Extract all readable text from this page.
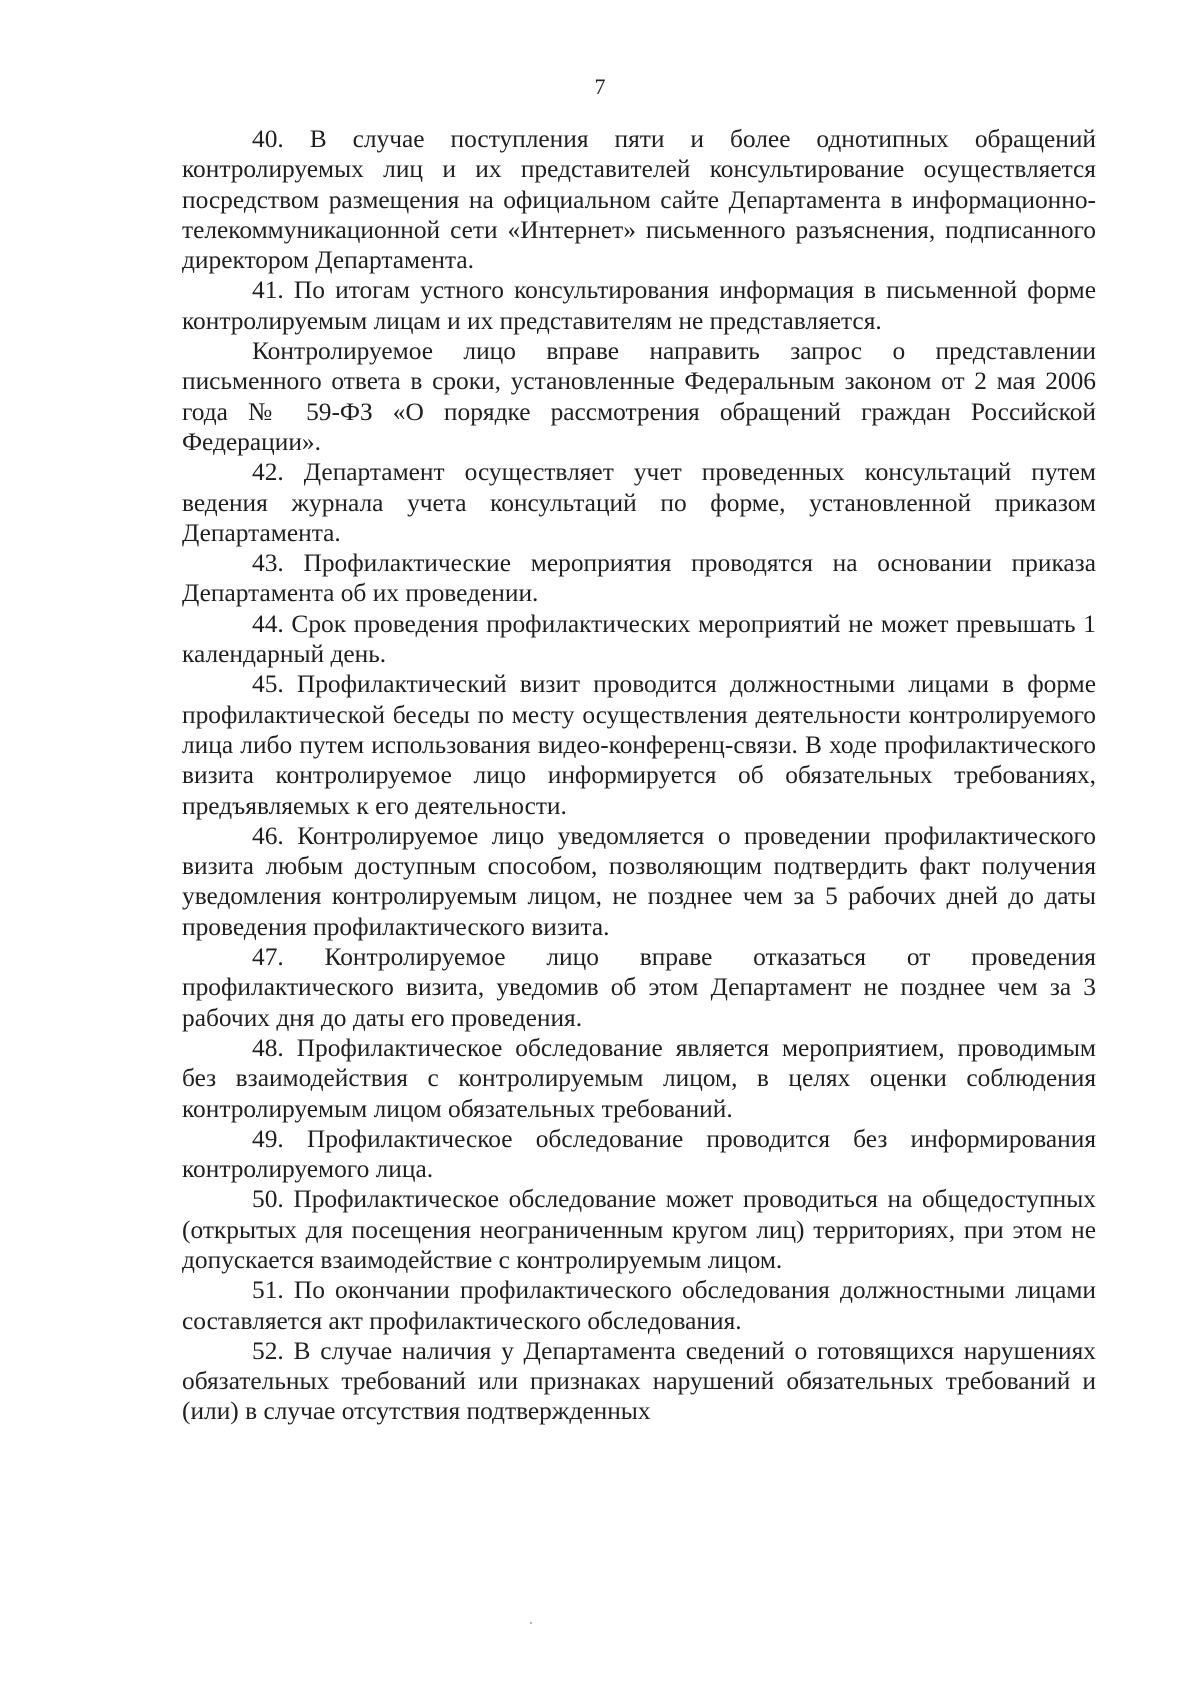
7

40. В случае поступления пяти и более однотипных обращений контролируемых лиц и их представителей консультирование осуществляется посредством размещения на официальном сайте Департамента в информационно-телекоммуникационной сети «Интернет» письменного разъяснения, подписанного директором Департамента.

41. По итогам устного консультирования информация в письменной форме контролируемым лицам и их представителям не представляется.

Контролируемое лицо вправе направить запрос о представлении письменного ответа в сроки, установленные Федеральным законом от 2 мая 2006 года № 59-ФЗ «О порядке рассмотрения обращений граждан Российской Федерации».

42. Департамент осуществляет учет проведенных консультаций путем ведения журнала учета консультаций по форме, установленной приказом Департамента.

43. Профилактические мероприятия проводятся на основании приказа Департамента об их проведении.

44. Срок проведения профилактических мероприятий не может превышать 1 календарный день.

45. Профилактический визит проводится должностными лицами в форме профилактической беседы по месту осуществления деятельности контролируемого лица либо путем использования видео-конференц-связи. В ходе профилактического визита контролируемое лицо информируется об обязательных требованиях, предъявляемых к его деятельности.

46. Контролируемое лицо уведомляется о проведении профилактического визита любым доступным способом, позволяющим подтвердить факт получения уведомления контролируемым лицом, не позднее чем за 5 рабочих дней до даты проведения профилактического визита.

47. Контролируемое лицо вправе отказаться от проведения профилактического визита, уведомив об этом Департамент не позднее чем за 3 рабочих дня до даты его проведения.

48. Профилактическое обследование является мероприятием, проводимым без взаимодействия с контролируемым лицом, в целях оценки соблюдения контролируемым лицом обязательных требований.

49. Профилактическое обследование проводится без информирования контролируемого лица.

50. Профилактическое обследование может проводиться на общедоступных (открытых для посещения неограниченным кругом лиц) территориях, при этом не допускается взаимодействие с контролируемым лицом.

51. По окончании профилактического обследования должностными лицами составляется акт профилактического обследования.

52. В случае наличия у Департамента сведений о готовящихся нарушениях обязательных требований или признаках нарушений обязательных требований и (или) в случае отсутствия подтвержденных
